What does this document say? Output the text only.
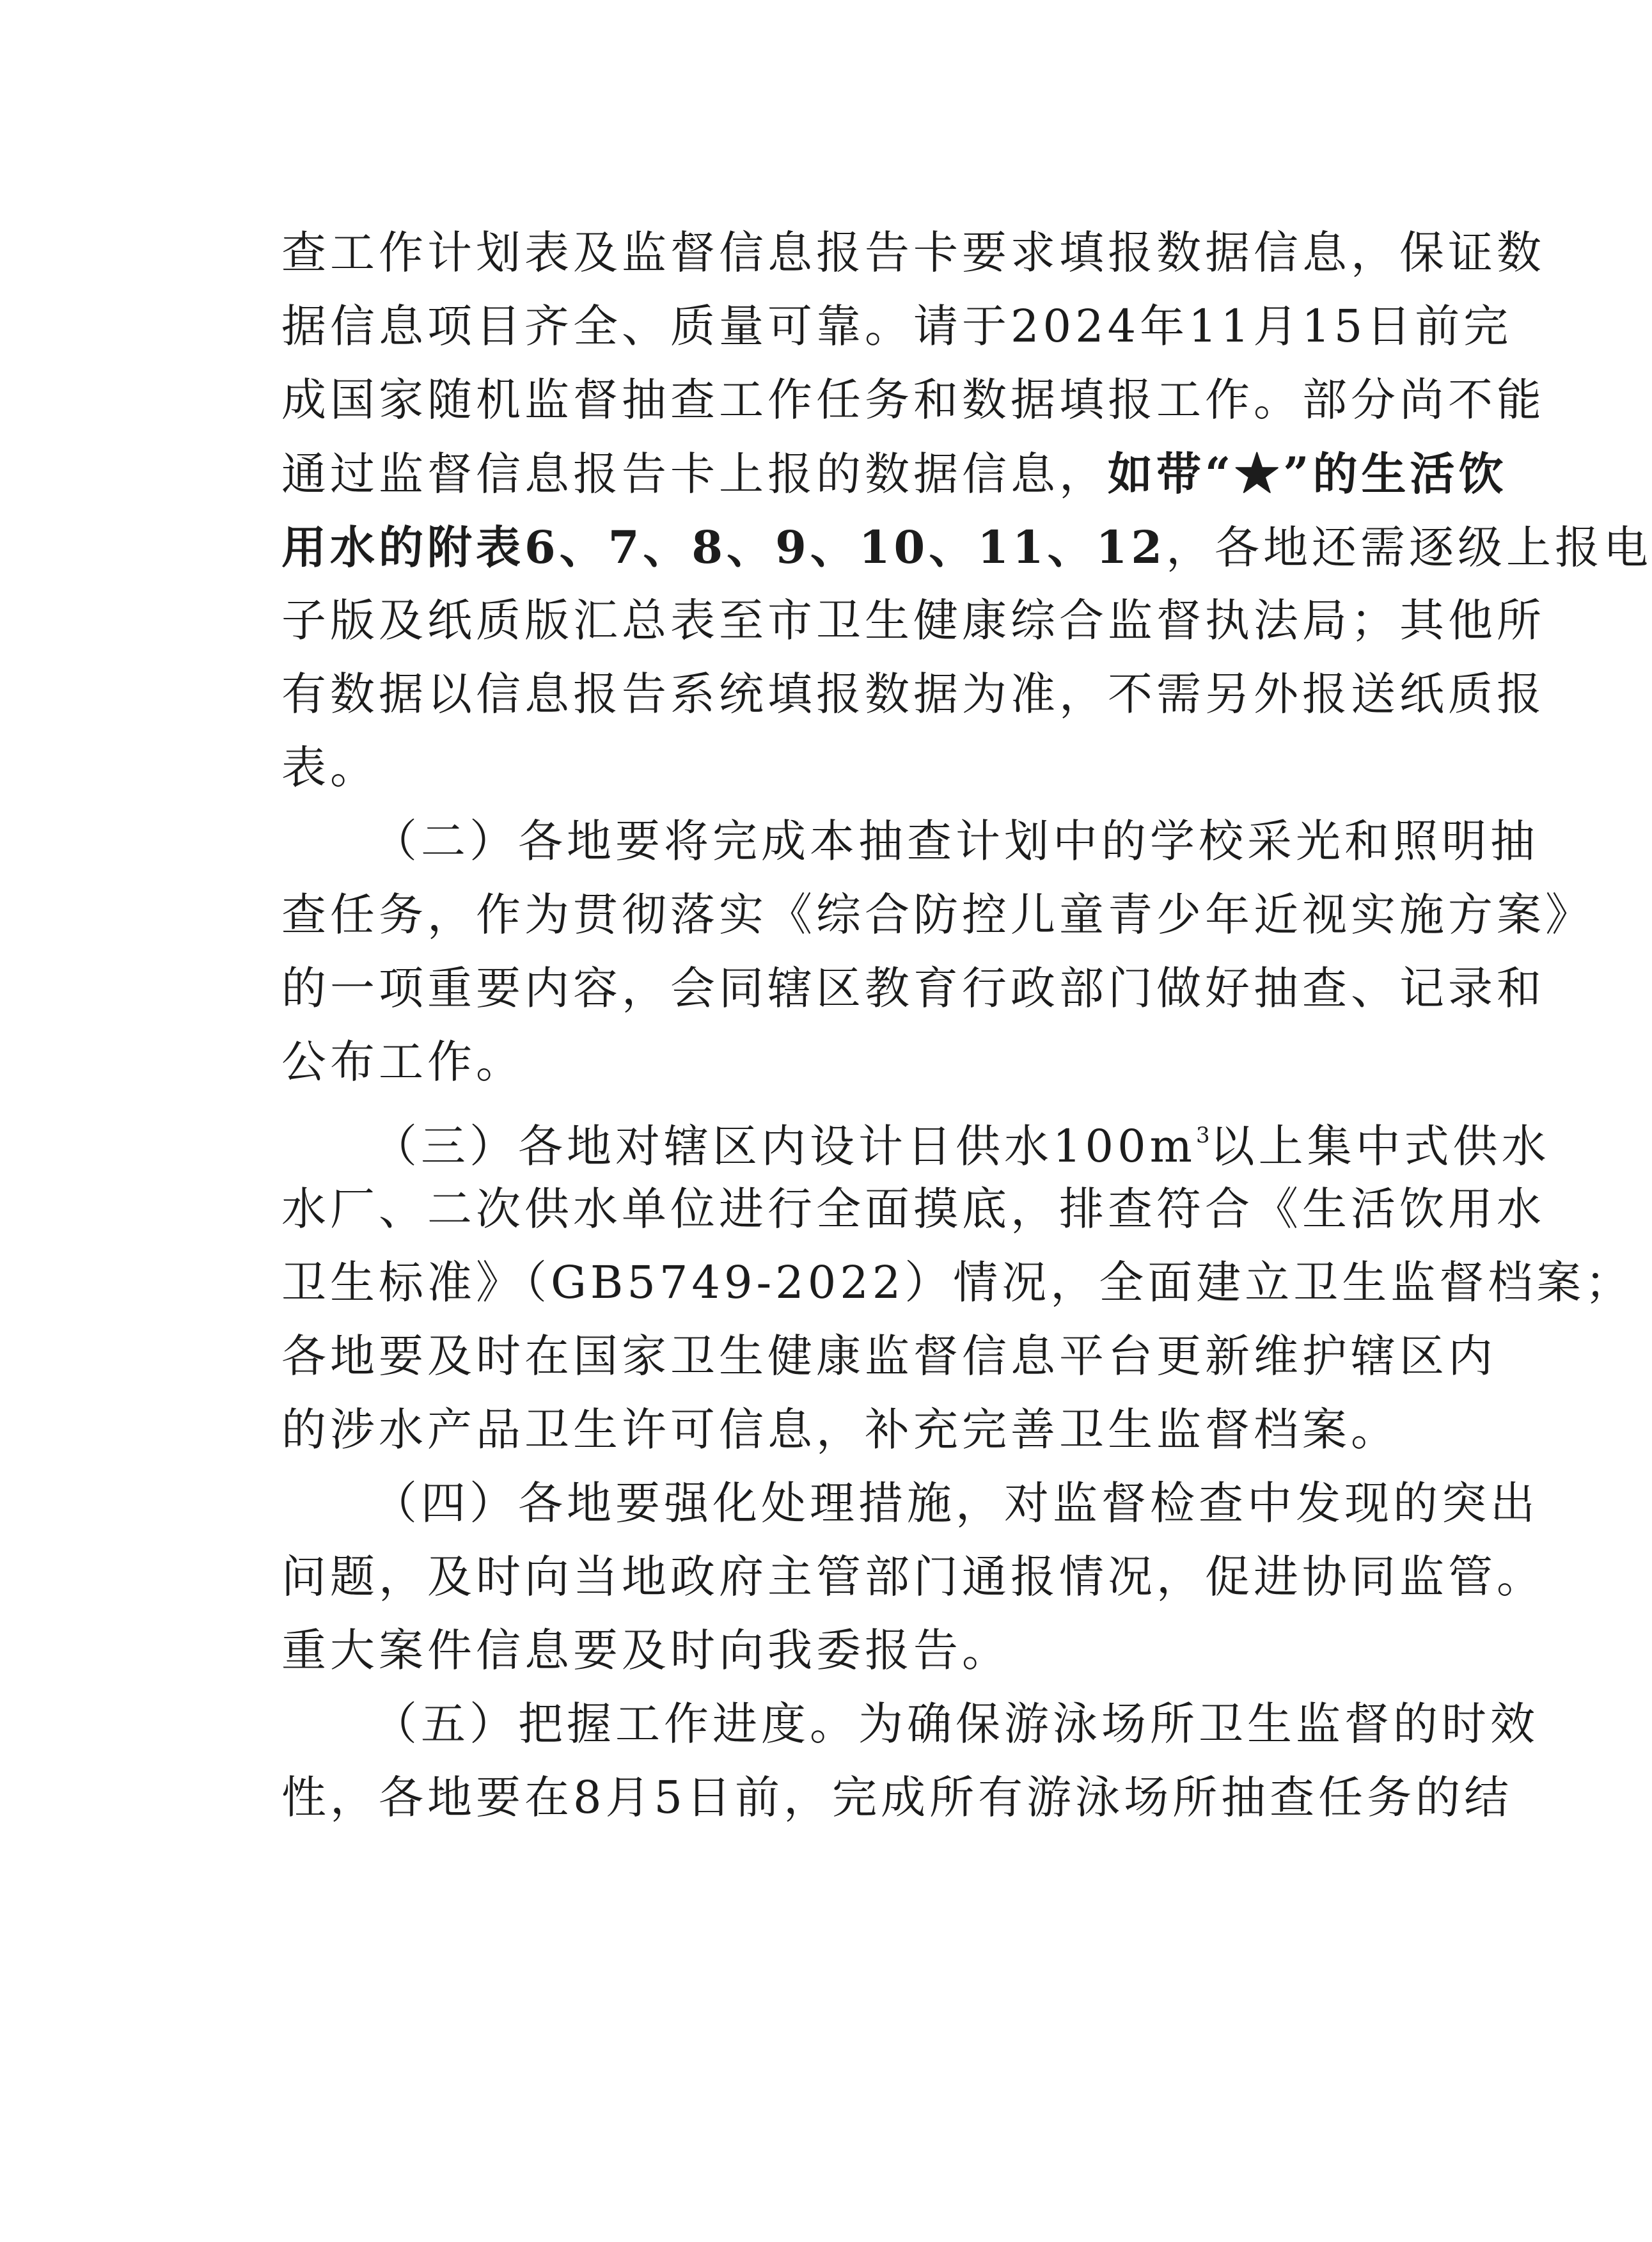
查工作计划表及监督信息报告卡要求填报数据信息，保证数
据信息项目齐全、质量可靠。请于2024年11月15日前完
成国家随机监督抽查工作任务和数据填报工作。部分尚不能
通过监督信息报告卡上报的数据信息，如带“★”的生活饮
用水的附表6、7、8、9、10、11、12，各地还需逐级上报电
子版及纸质版汇总表至市卫生健康综合监督执法局；其他所
有数据以信息报告系统填报数据为准，不需另外报送纸质报
表。
（二）各地要将完成本抽查计划中的学校采光和照明抽
查任务，作为贯彻落实《综合防控儿童青少年近视实施方案》
的一项重要内容，会同辖区教育行政部门做好抽查、记录和
公布工作。
（三）各地对辖区内设计日供水$100m^3$以上集中式供水
水厂、二次供水单位进行全面摸底，排查符合《生活饮用水
卫生标准》（GB5749-2022）情况，全面建立卫生监督档案；
各地要及时在国家卫生健康监督信息平台更新维护辖区内
的涉水产品卫生许可信息，补充完善卫生监督档案。
（四）各地要强化处理措施，对监督检查中发现的突出
问题，及时向当地政府主管部门通报情况，促进协同监管。
重大案件信息要及时向我委报告。
（五）把握工作进度。为确保游泳场所卫生监督的时效
性，各地要在8月5日前，完成所有游泳场所抽查任务的结
